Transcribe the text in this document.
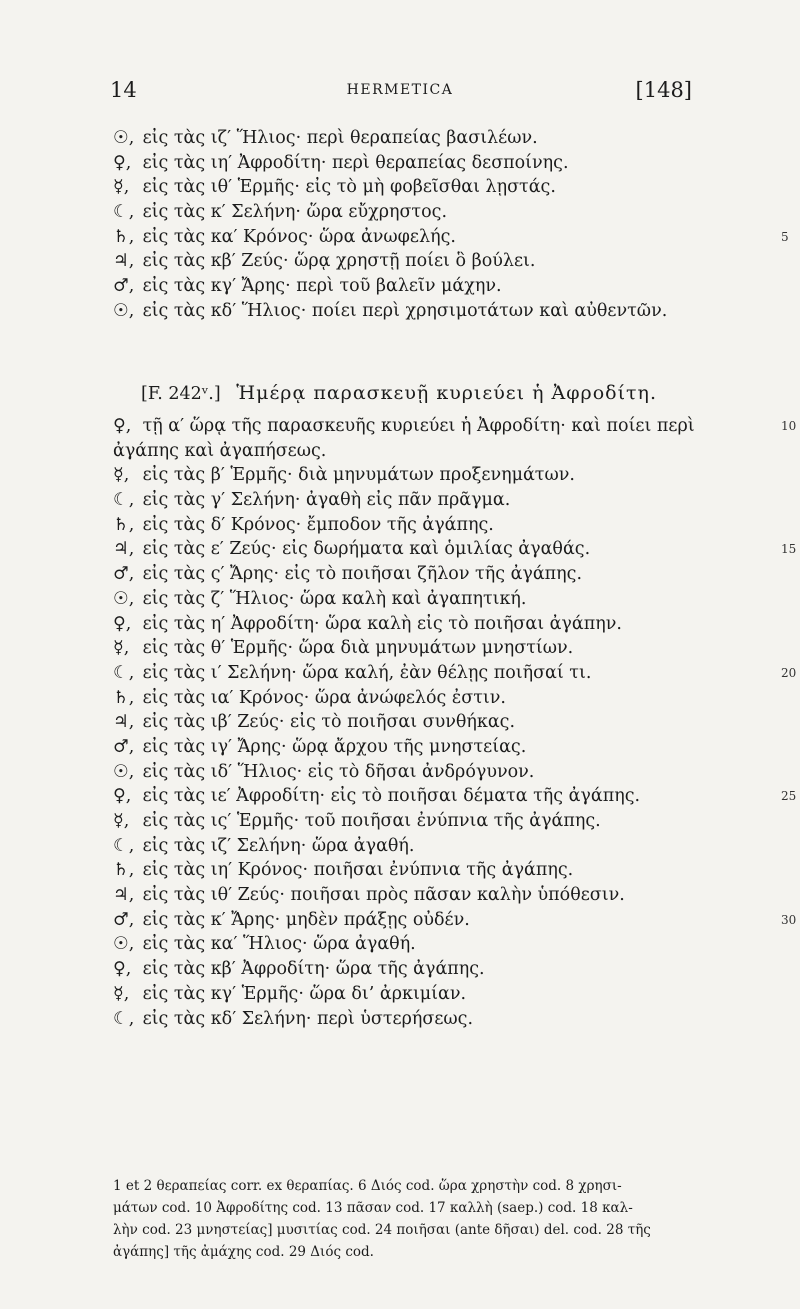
14	HERMETICA	[148]
☉, εἰς τὰς ιζ′ Ἥλιος· περὶ θεραπείας βασιλέων.
♀, εἰς τὰς ιη′ Ἀφροδίτη· περὶ θεραπείας δεσποίνης.
☿, εἰς τὰς ιθ′ Ἑρμῆς· εἰς τὸ μὴ φοβεῖσθαι λῃστάς.
☾, εἰς τὰς κ′ Σελήνη· ὥρα εὔχρηστος.
♄, εἰς τὰς κα′ Κρόνος· ὥρα ἀνωφελής.	5
♃, εἰς τὰς κβ′ Ζεύς· ὥρᾳ χρηστῇ ποίει ὃ βούλει.
♂, εἰς τὰς κγ′ Ἄρης· περὶ τοῦ βαλεῖν μάχην.
☉, εἰς τὰς κδ′ Ἥλιος· ποίει περὶ χρησιμοτάτων καὶ αὐθεντῶν.
[F. 242ᵛ.] Ἡμέρᾳ παρασκευῇ κυριεύει ἡ Ἀφροδίτη.
♀, τῇ α′ ὥρᾳ τῆς παρασκευῆς κυριεύει ἡ Ἀφροδίτη· καὶ ποίει περὶ	10
ἀγάπης καὶ ἀγαπήσεως.
☿, εἰς τὰς β′ Ἑρμῆς· διὰ μηνυμάτων προξενημάτων.
☾, εἰς τὰς γ′ Σελήνη· ἀγαθὴ εἰς πᾶν πρᾶγμα.
♄, εἰς τὰς δ′ Κρόνος· ἔμποδον τῆς ἀγάπης.
♃, εἰς τὰς ε′ Ζεύς· εἰς δωρήματα καὶ ὁμιλίας ἀγαθάς.	15
♂, εἰς τὰς ς′ Ἄρης· εἰς τὸ ποιῆσαι ζῆλον τῆς ἀγάπης.
☉, εἰς τὰς ζ′ Ἥλιος· ὥρα καλὴ καὶ ἀγαπητική.
♀, εἰς τὰς η′ Ἀφροδίτη· ὥρα καλὴ εἰς τὸ ποιῆσαι ἀγάπην.
☿, εἰς τὰς θ′ Ἑρμῆς· ὥρα διὰ μηνυμάτων μνηστίων.
☾, εἰς τὰς ι′ Σελήνη· ὥρα καλή, ἐὰν θέλῃς ποιῆσαί τι.	20
♄, εἰς τὰς ια′ Κρόνος· ὥρα ἀνώφελός ἐστιν.
♃, εἰς τὰς ιβ′ Ζεύς· εἰς τὸ ποιῆσαι συνθήκας.
♂, εἰς τὰς ιγ′ Ἄρης· ὥρᾳ ἄρχου τῆς μνηστείας.
☉, εἰς τὰς ιδ′ Ἥλιος· εἰς τὸ δῆσαι ἀνδρόγυνον.
♀, εἰς τὰς ιε′ Ἀφροδίτη· εἰς τὸ ποιῆσαι δέματα τῆς ἀγάπης.	25
☿, εἰς τὰς ις′ Ἑρμῆς· τοῦ ποιῆσαι ἐνύπνια τῆς ἀγάπης.
☾, εἰς τὰς ιζ′ Σελήνη· ὥρα ἀγαθή.
♄, εἰς τὰς ιη′ Κρόνος· ποιῆσαι ἐνύπνια τῆς ἀγάπης.
♃, εἰς τὰς ιθ′ Ζεύς· ποιῆσαι πρὸς πᾶσαν καλὴν ὑπόθεσιν.
♂, εἰς τὰς κ′ Ἄρης· μηδὲν πράξῃς οὐδέν.	30
☉, εἰς τὰς κα′ Ἥλιος· ὥρα ἀγαθή.
♀, εἰς τὰς κβ′ Ἀφροδίτη· ὥρα τῆς ἀγάπης.
☿, εἰς τὰς κγ′ Ἑρμῆς· ὥρα δι’ ἀρκιμίαν.
☾, εἰς τὰς κδ′ Σελήνη· περὶ ὑστερήσεως.
1 et 2 θεραπείας corr. ex θεραπίας. 6 Διός cod. ὥρα χρηστὴν cod. 8 χρησι-
μάτων cod. 10 Ἀφροδίτης cod. 13 πᾶσαν cod. 17 καλλὴ (saep.) cod. 18 καλ-
λὴν cod. 23 μνηστείας] μυσιτίας cod. 24 ποιῆσαι (ante δῆσαι) del. cod. 28 τῆς
ἀγάπης] τῆς ἀμάχης cod. 29 Διός cod.
